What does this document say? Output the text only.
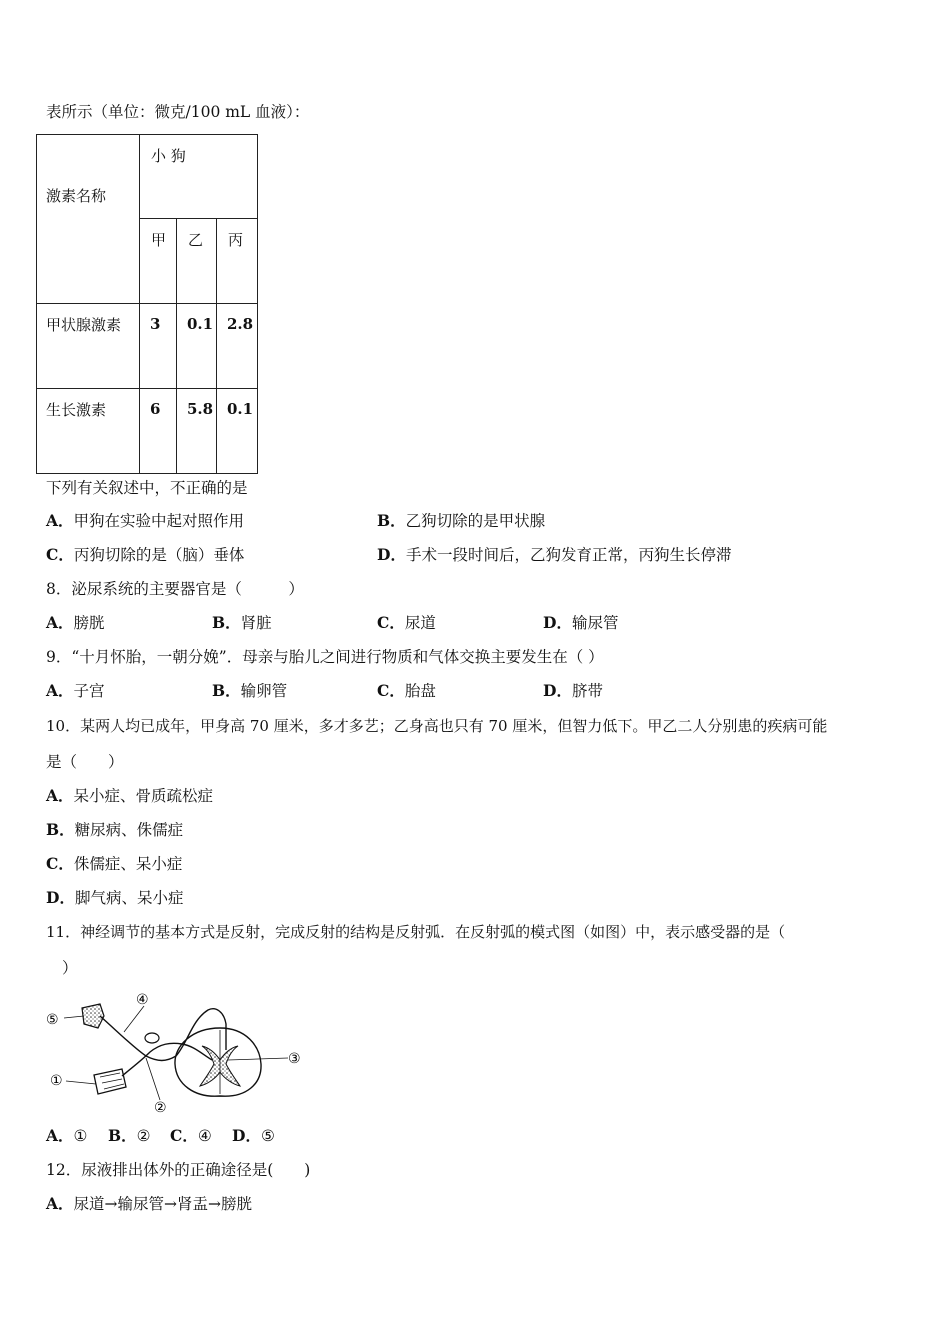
表所示（单位：微克/100 mL 血液）：
激素名称	小 狗		

	甲	乙	丙

甲状腺激素	3	0.1	2.8

生长激素	6	5.8	0.1
下列有关叙述中，不正确的是
A．甲狗在实验中起对照作用	B．乙狗切除的是甲状腺
C．丙狗切除的是（脑）垂体	D．手术一段时间后，乙狗发育正常，丙狗生长停滞
8．泌尿系统的主要器官是（　　　）
A．膀胱	B．肾脏	C．尿道	D．输尿管
9．“十月怀胎，一朝分娩”．母亲与胎儿之间进行物质和气体交换主要发生在（ ）
A．子宫	B．输卵管	C．胎盘	D．脐带
10．某两人均已成年，甲身高 70 厘米，多才多艺；乙身高也只有 70 厘米，但智力低下。甲乙二人分别患的疾病可能
是（　　）
A．呆小症、骨质疏松症
B．糖尿病、侏儒症
C．侏儒症、呆小症
D．脚气病、呆小症
11．神经调节的基本方式是反射，完成反射的结构是反射弧．在反射弧的模式图（如图）中，表示感受器的是（
）
①
②
③
④
⑤
A．① B．② C．④ D．⑤
12．尿液排出体外的正确途径是(　　)
A．尿道→输尿管→肾盂→膀胱
